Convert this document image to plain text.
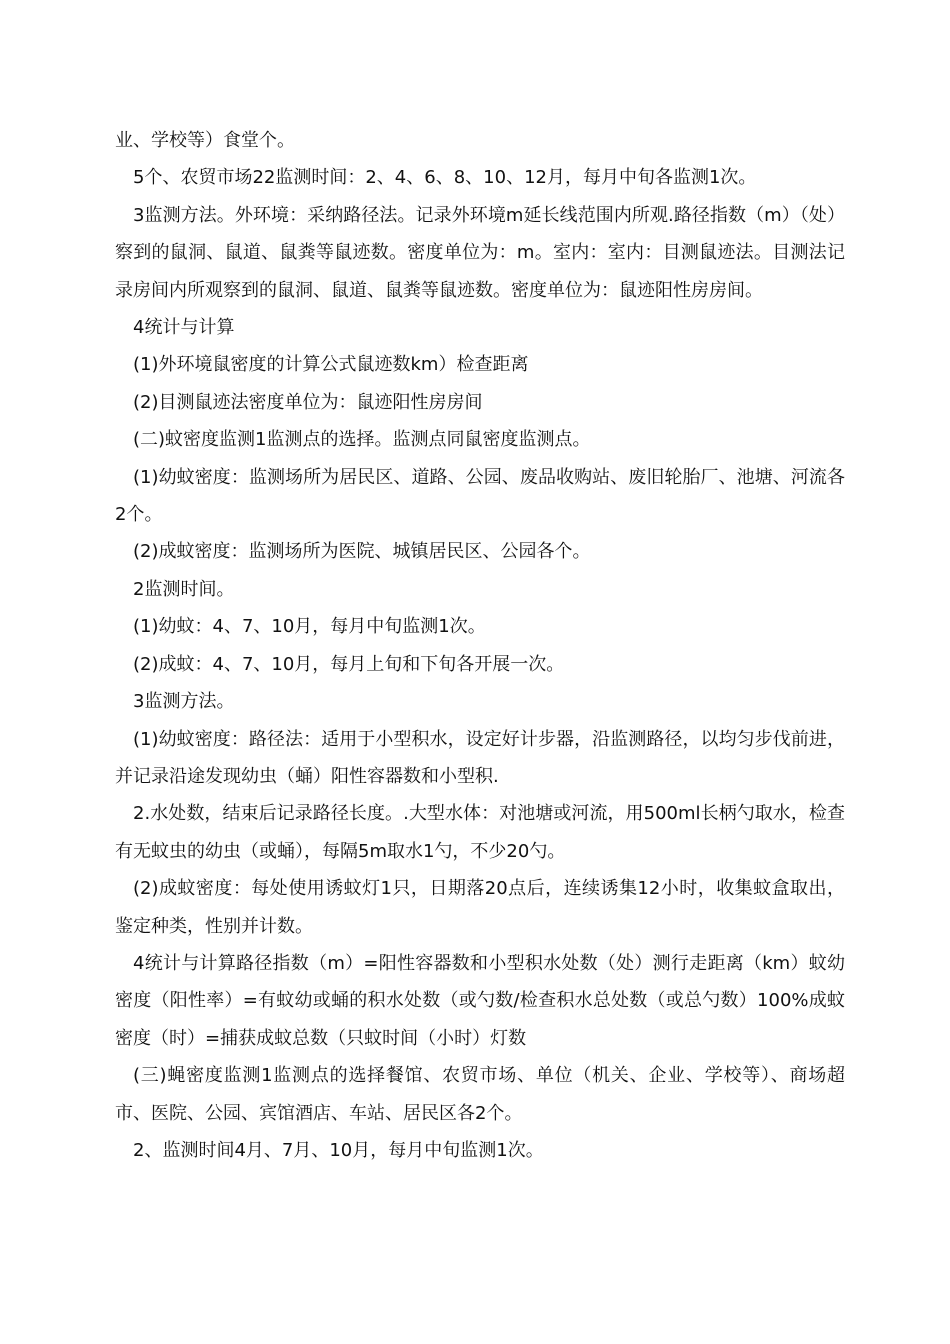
业、学校等）食堂个。

5个、农贸市场22监测时间：2、4、6、8、10、12月，每月中旬各监测1次。

3监测方法。外环境：采纳路径法。记录外环境m延长线范围内所观.路径指数（m）（处）察到的鼠洞、鼠道、鼠粪等鼠迹数。密度单位为：m。室内：室内：目测鼠迹法。目测法记录房间内所观察到的鼠洞、鼠道、鼠粪等鼠迹数。密度单位为：鼠迹阳性房房间。

4统计与计算

(1)外环境鼠密度的计算公式鼠迹数km）检查距离

(2)目测鼠迹法密度单位为：鼠迹阳性房房间

(二)蚊密度监测1监测点的选择。监测点同鼠密度监测点。

(1)幼蚊密度：监测场所为居民区、道路、公园、废品收购站、废旧轮胎厂、池塘、河流各2个。

(2)成蚊密度：监测场所为医院、城镇居民区、公园各个。

2监测时间。

(1)幼蚊：4、7、10月，每月中旬监测1次。

(2)成蚊：4、7、10月，每月上旬和下旬各开展一次。

3监测方法。

(1)幼蚊密度：路径法：适用于小型积水，设定好计步器，沿监测路径，以均匀步伐前进，并记录沿途发现幼虫（蛹）阳性容器数和小型积.

2.水处数，结束后记录路径长度。.大型水体：对池塘或河流，用500ml长柄勺取水，检查有无蚊虫的幼虫（或蛹），每隔5m取水1勺，不少20勺。

(2)成蚊密度：每处使用诱蚊灯1只，日期落20点后，连续诱集12小时，收集蚊盒取出，鉴定种类，性别并计数。

4统计与计算路径指数（m）=阳性容器数和小型积水处数（处）测行走距离（km）蚊幼密度（阳性率）=有蚊幼或蛹的积水处数（或勺数/检查积水总处数（或总勺数）100%成蚊密度（时）=捕获成蚊总数（只蚊时间（小时）灯数

(三)蝇密度监测1监测点的选择餐馆、农贸市场、单位（机关、企业、学校等）、商场超市、医院、公园、宾馆酒店、车站、居民区各2个。

2、监测时间4月、7月、10月，每月中旬监测1次。
